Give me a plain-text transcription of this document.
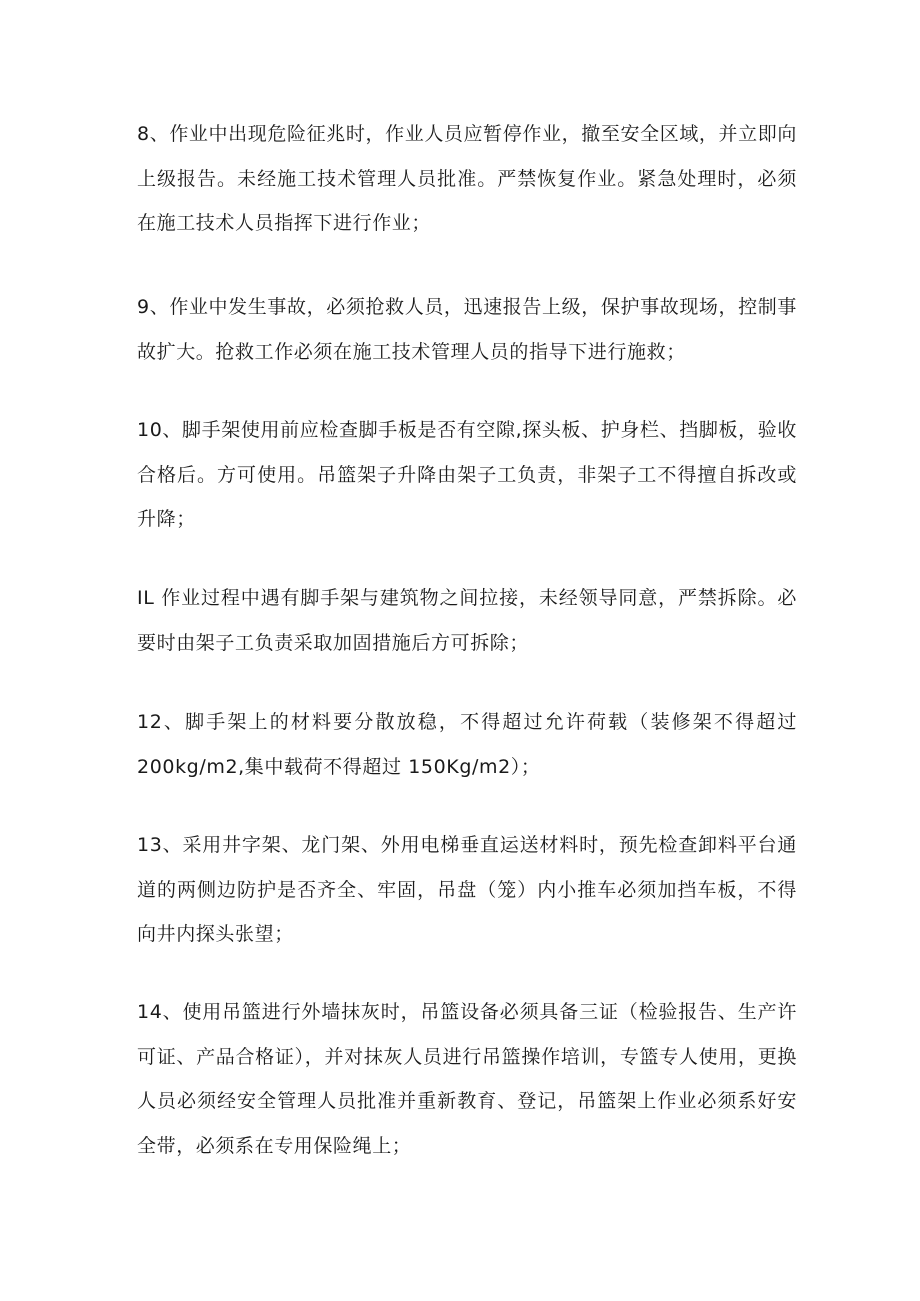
8、作业中出现危险征兆时，作业人员应暂停作业，撤至安全区域，并立即向上级报告。未经施工技术管理人员批准。严禁恢复作业。紧急处理时，必须在施工技术人员指挥下进行作业；

9、作业中发生事故，必须抢救人员，迅速报告上级，保护事故现场，控制事故扩大。抢救工作必须在施工技术管理人员的指导下进行施救；

10、脚手架使用前应检查脚手板是否有空隙,探头板、护身栏、挡脚板，验收合格后。方可使用。吊篮架子升降由架子工负责，非架子工不得擅自拆改或升降；

IL 作业过程中遇有脚手架与建筑物之间拉接，未经领导同意，严禁拆除。必要时由架子工负责采取加固措施后方可拆除；

12、脚手架上的材料要分散放稳，不得超过允许荷载（装修架不得超过200kg∕m2,集中载荷不得超过 150Kg∕m2）；

13、采用井字架、龙门架、外用电梯垂直运送材料时，预先检查卸料平台通道的两侧边防护是否齐全、牢固，吊盘（笼）内小推车必须加挡车板，不得向井内探头张望；

14、使用吊篮进行外墙抹灰时，吊篮设备必须具备三证（检验报告、生产许可证、产品合格证），并对抹灰人员进行吊篮操作培训，专篮专人使用，更换人员必须经安全管理人员批准并重新教育、登记，吊篮架上作业必须系好安全带，必须系在专用保险绳上；
